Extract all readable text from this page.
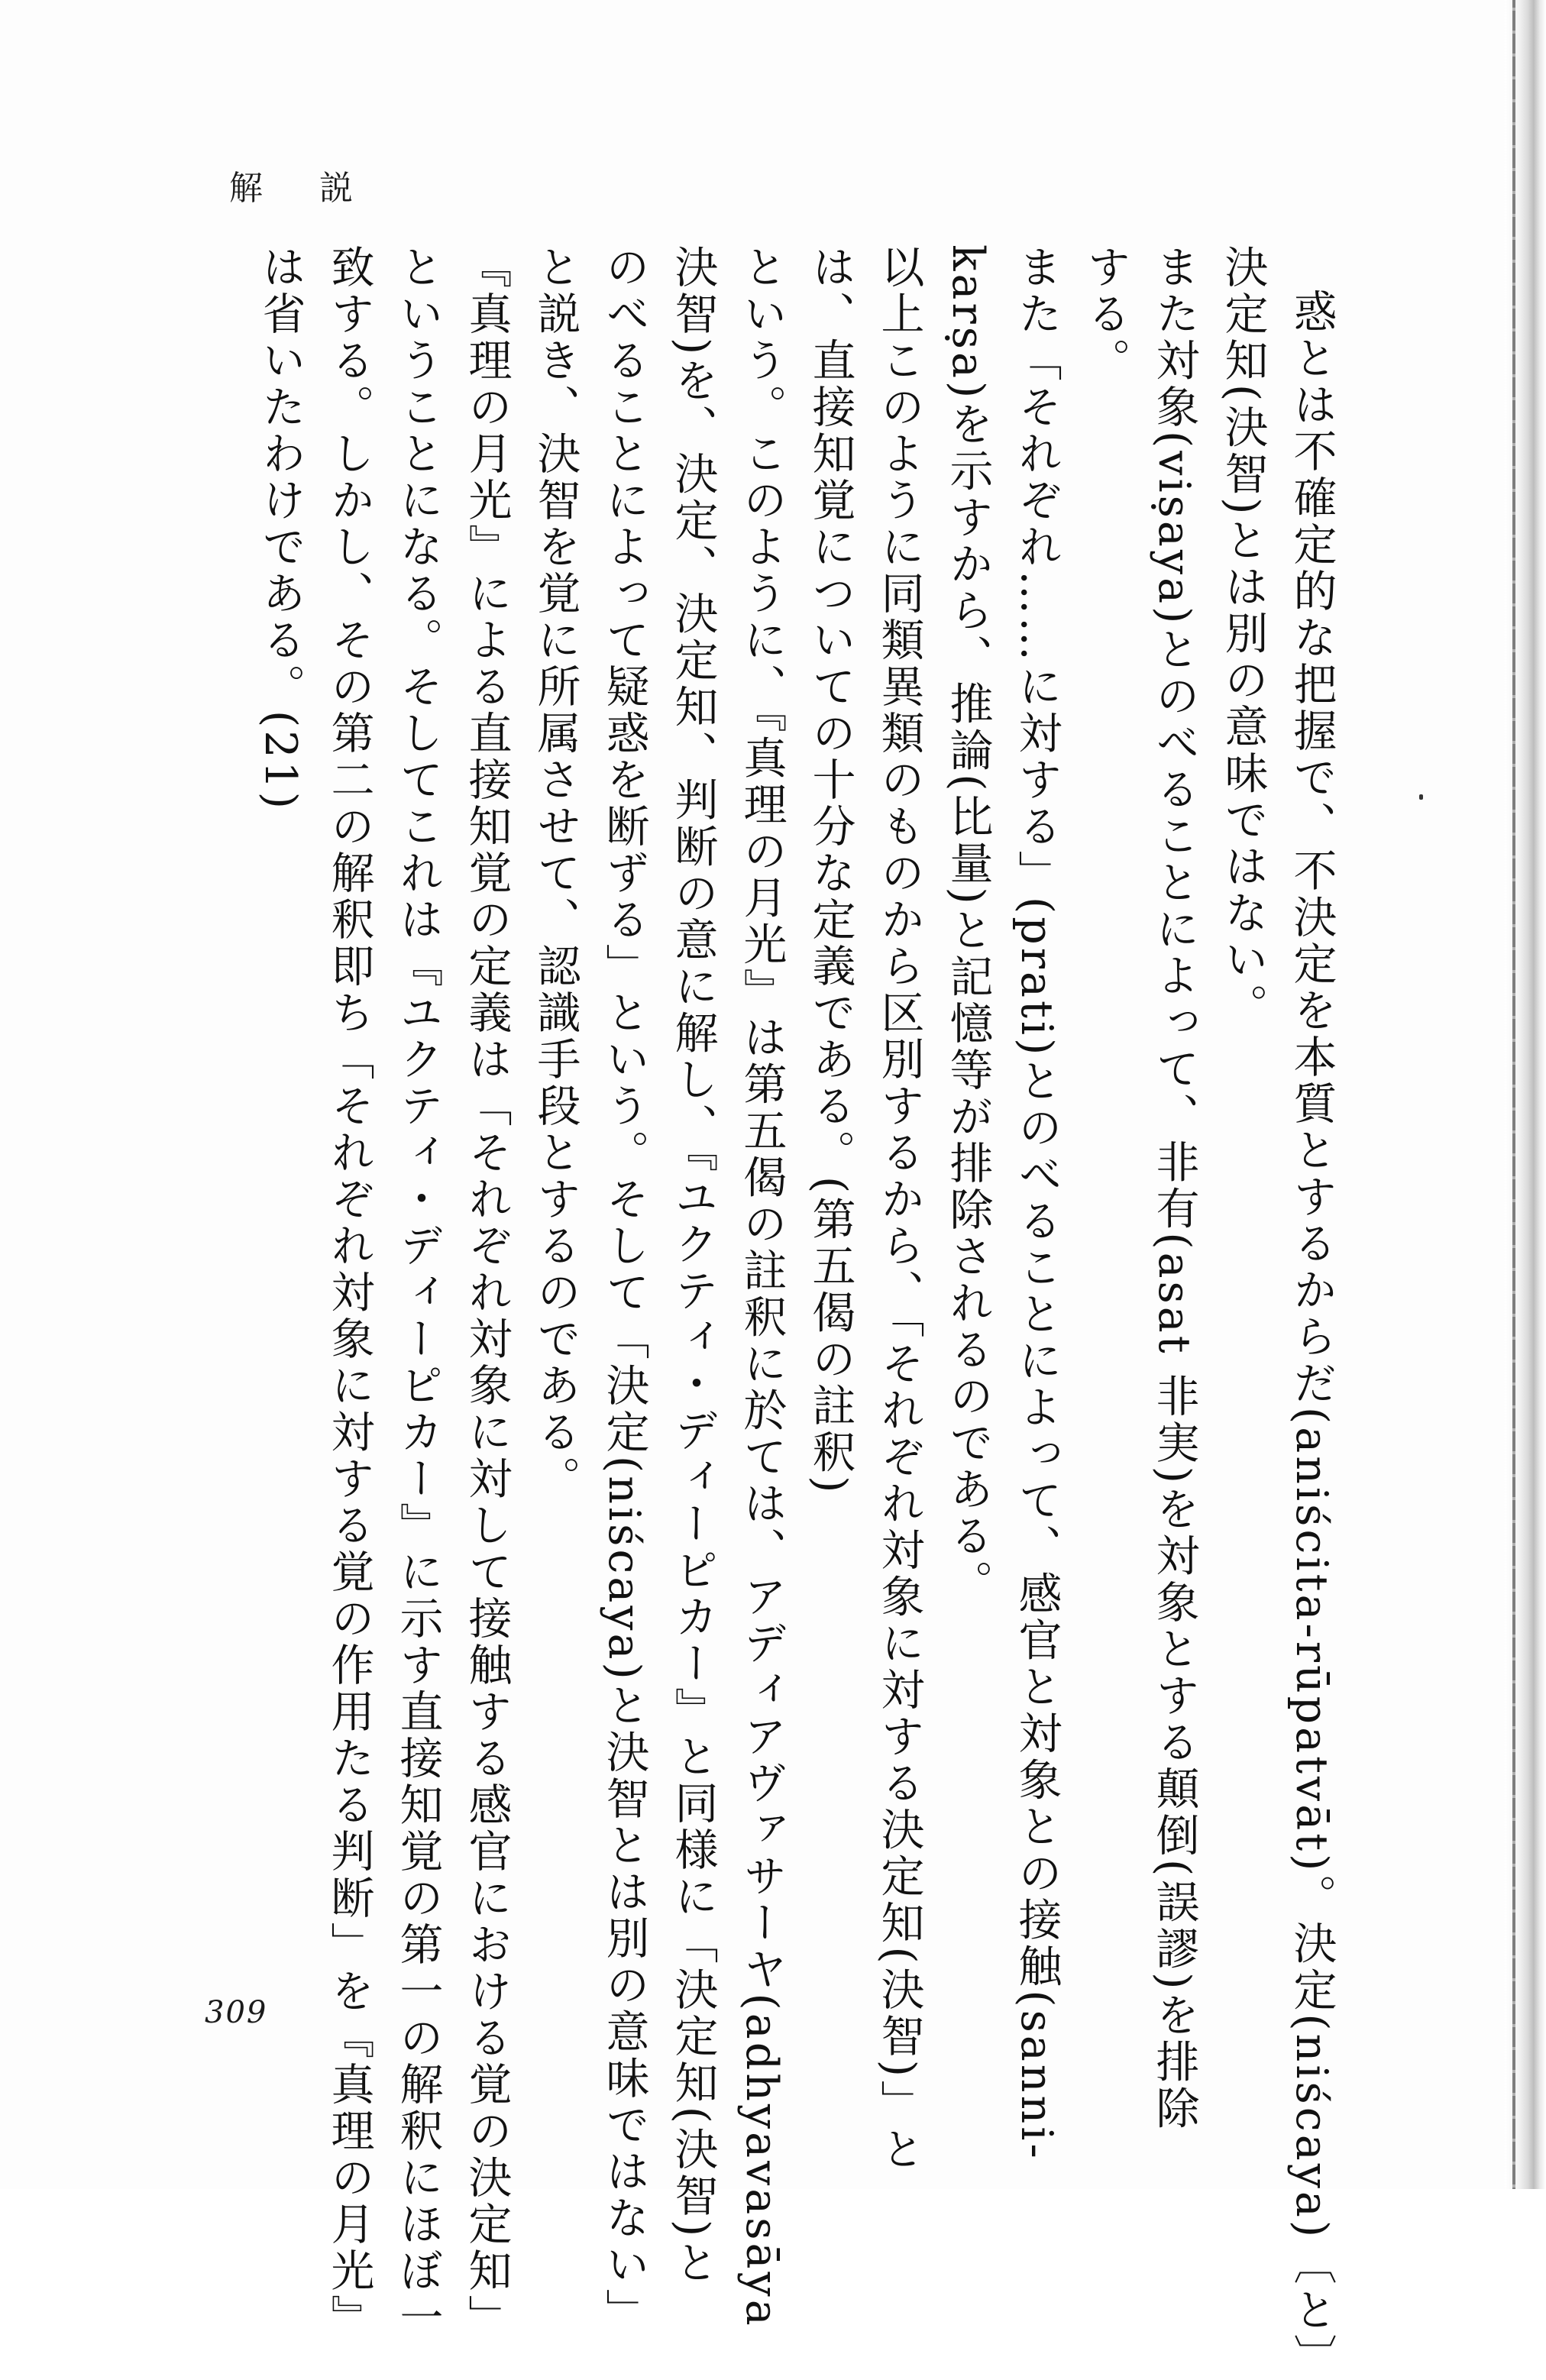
解 説
惑とは不確定的な把握で、不決定を本質とするからだ(aniścita-rūpatvāt)。決定(niścaya)〔と〕
決定知(決智)とは別の意味ではない。
また対象(viṣaya)とのべることによって、非有(asat 非実)を対象とする顛倒(誤謬)を排除
する。
また「それぞれ……に対する」(prati)とのべることによって、感官と対象との接触(sanni-
karṣa)を示すから、推論(比量)と記憶等が排除されるのである。
以上このように同類異類のものから区別するから、「それぞれ対象に対する決定知(決智)」と
は、直接知覚についての十分な定義である。(第五偈の註釈)
という。このように、『真理の月光』は第五偈の註釈に於ては、アディアヴァサーヤ(adhyavasāya
決智)を、決定、決定知、判断の意に解し、『ユクティ・ディーピカー』と同様に「決定知(決智)と
のべることによって疑惑を断ずる」という。そして「決定(niścaya)と決智とは別の意味ではない」
と説き、決智を覚に所属させて、認識手段とするのである。
『真理の月光』による直接知覚の定義は「それぞれ対象に対して接触する感官における覚の決定知」
ということになる。そしてこれは『ユクティ・ディーピカー』に示す直接知覚の第一の解釈にほぼ一
致する。しかし、その第二の解釈即ち「それぞれ対象に対する覚の作用たる判断」を『真理の月光』
は省いたわけである。(21)
309
